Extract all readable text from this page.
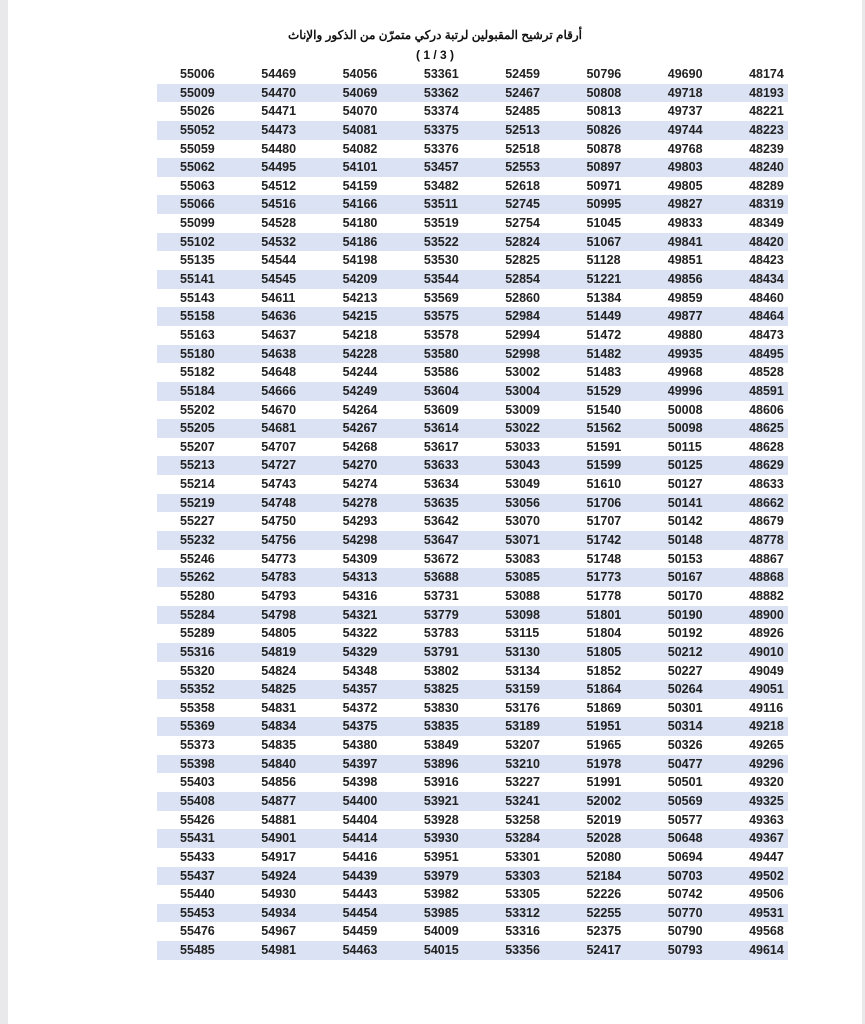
أرقام ترشيح المقبولين لرتبة دركي متمرّن من الذكور والإناث
( 1 / 3 )
55006	54469	54056	53361	52459	50796	49690	48174
55009	54470	54069	53362	52467	50808	49718	48193
55026	54471	54070	53374	52485	50813	49737	48221
55052	54473	54081	53375	52513	50826	49744	48223
55059	54480	54082	53376	52518	50878	49768	48239
55062	54495	54101	53457	52553	50897	49803	48240
55063	54512	54159	53482	52618	50971	49805	48289
55066	54516	54166	53511	52745	50995	49827	48319
55099	54528	54180	53519	52754	51045	49833	48349
55102	54532	54186	53522	52824	51067	49841	48420
55135	54544	54198	53530	52825	51128	49851	48423
55141	54545	54209	53544	52854	51221	49856	48434
55143	54611	54213	53569	52860	51384	49859	48460
55158	54636	54215	53575	52984	51449	49877	48464
55163	54637	54218	53578	52994	51472	49880	48473
55180	54638	54228	53580	52998	51482	49935	48495
55182	54648	54244	53586	53002	51483	49968	48528
55184	54666	54249	53604	53004	51529	49996	48591
55202	54670	54264	53609	53009	51540	50008	48606
55205	54681	54267	53614	53022	51562	50098	48625
55207	54707	54268	53617	53033	51591	50115	48628
55213	54727	54270	53633	53043	51599	50125	48629
55214	54743	54274	53634	53049	51610	50127	48633
55219	54748	54278	53635	53056	51706	50141	48662
55227	54750	54293	53642	53070	51707	50142	48679
55232	54756	54298	53647	53071	51742	50148	48778
55246	54773	54309	53672	53083	51748	50153	48867
55262	54783	54313	53688	53085	51773	50167	48868
55280	54793	54316	53731	53088	51778	50170	48882
55284	54798	54321	53779	53098	51801	50190	48900
55289	54805	54322	53783	53115	51804	50192	48926
55316	54819	54329	53791	53130	51805	50212	49010
55320	54824	54348	53802	53134	51852	50227	49049
55352	54825	54357	53825	53159	51864	50264	49051
55358	54831	54372	53830	53176	51869	50301	49116
55369	54834	54375	53835	53189	51951	50314	49218
55373	54835	54380	53849	53207	51965	50326	49265
55398	54840	54397	53896	53210	51978	50477	49296
55403	54856	54398	53916	53227	51991	50501	49320
55408	54877	54400	53921	53241	52002	50569	49325
55426	54881	54404	53928	53258	52019	50577	49363
55431	54901	54414	53930	53284	52028	50648	49367
55433	54917	54416	53951	53301	52080	50694	49447
55437	54924	54439	53979	53303	52184	50703	49502
55440	54930	54443	53982	53305	52226	50742	49506
55453	54934	54454	53985	53312	52255	50770	49531
55476	54967	54459	54009	53316	52375	50790	49568
55485	54981	54463	54015	53356	52417	50793	49614
